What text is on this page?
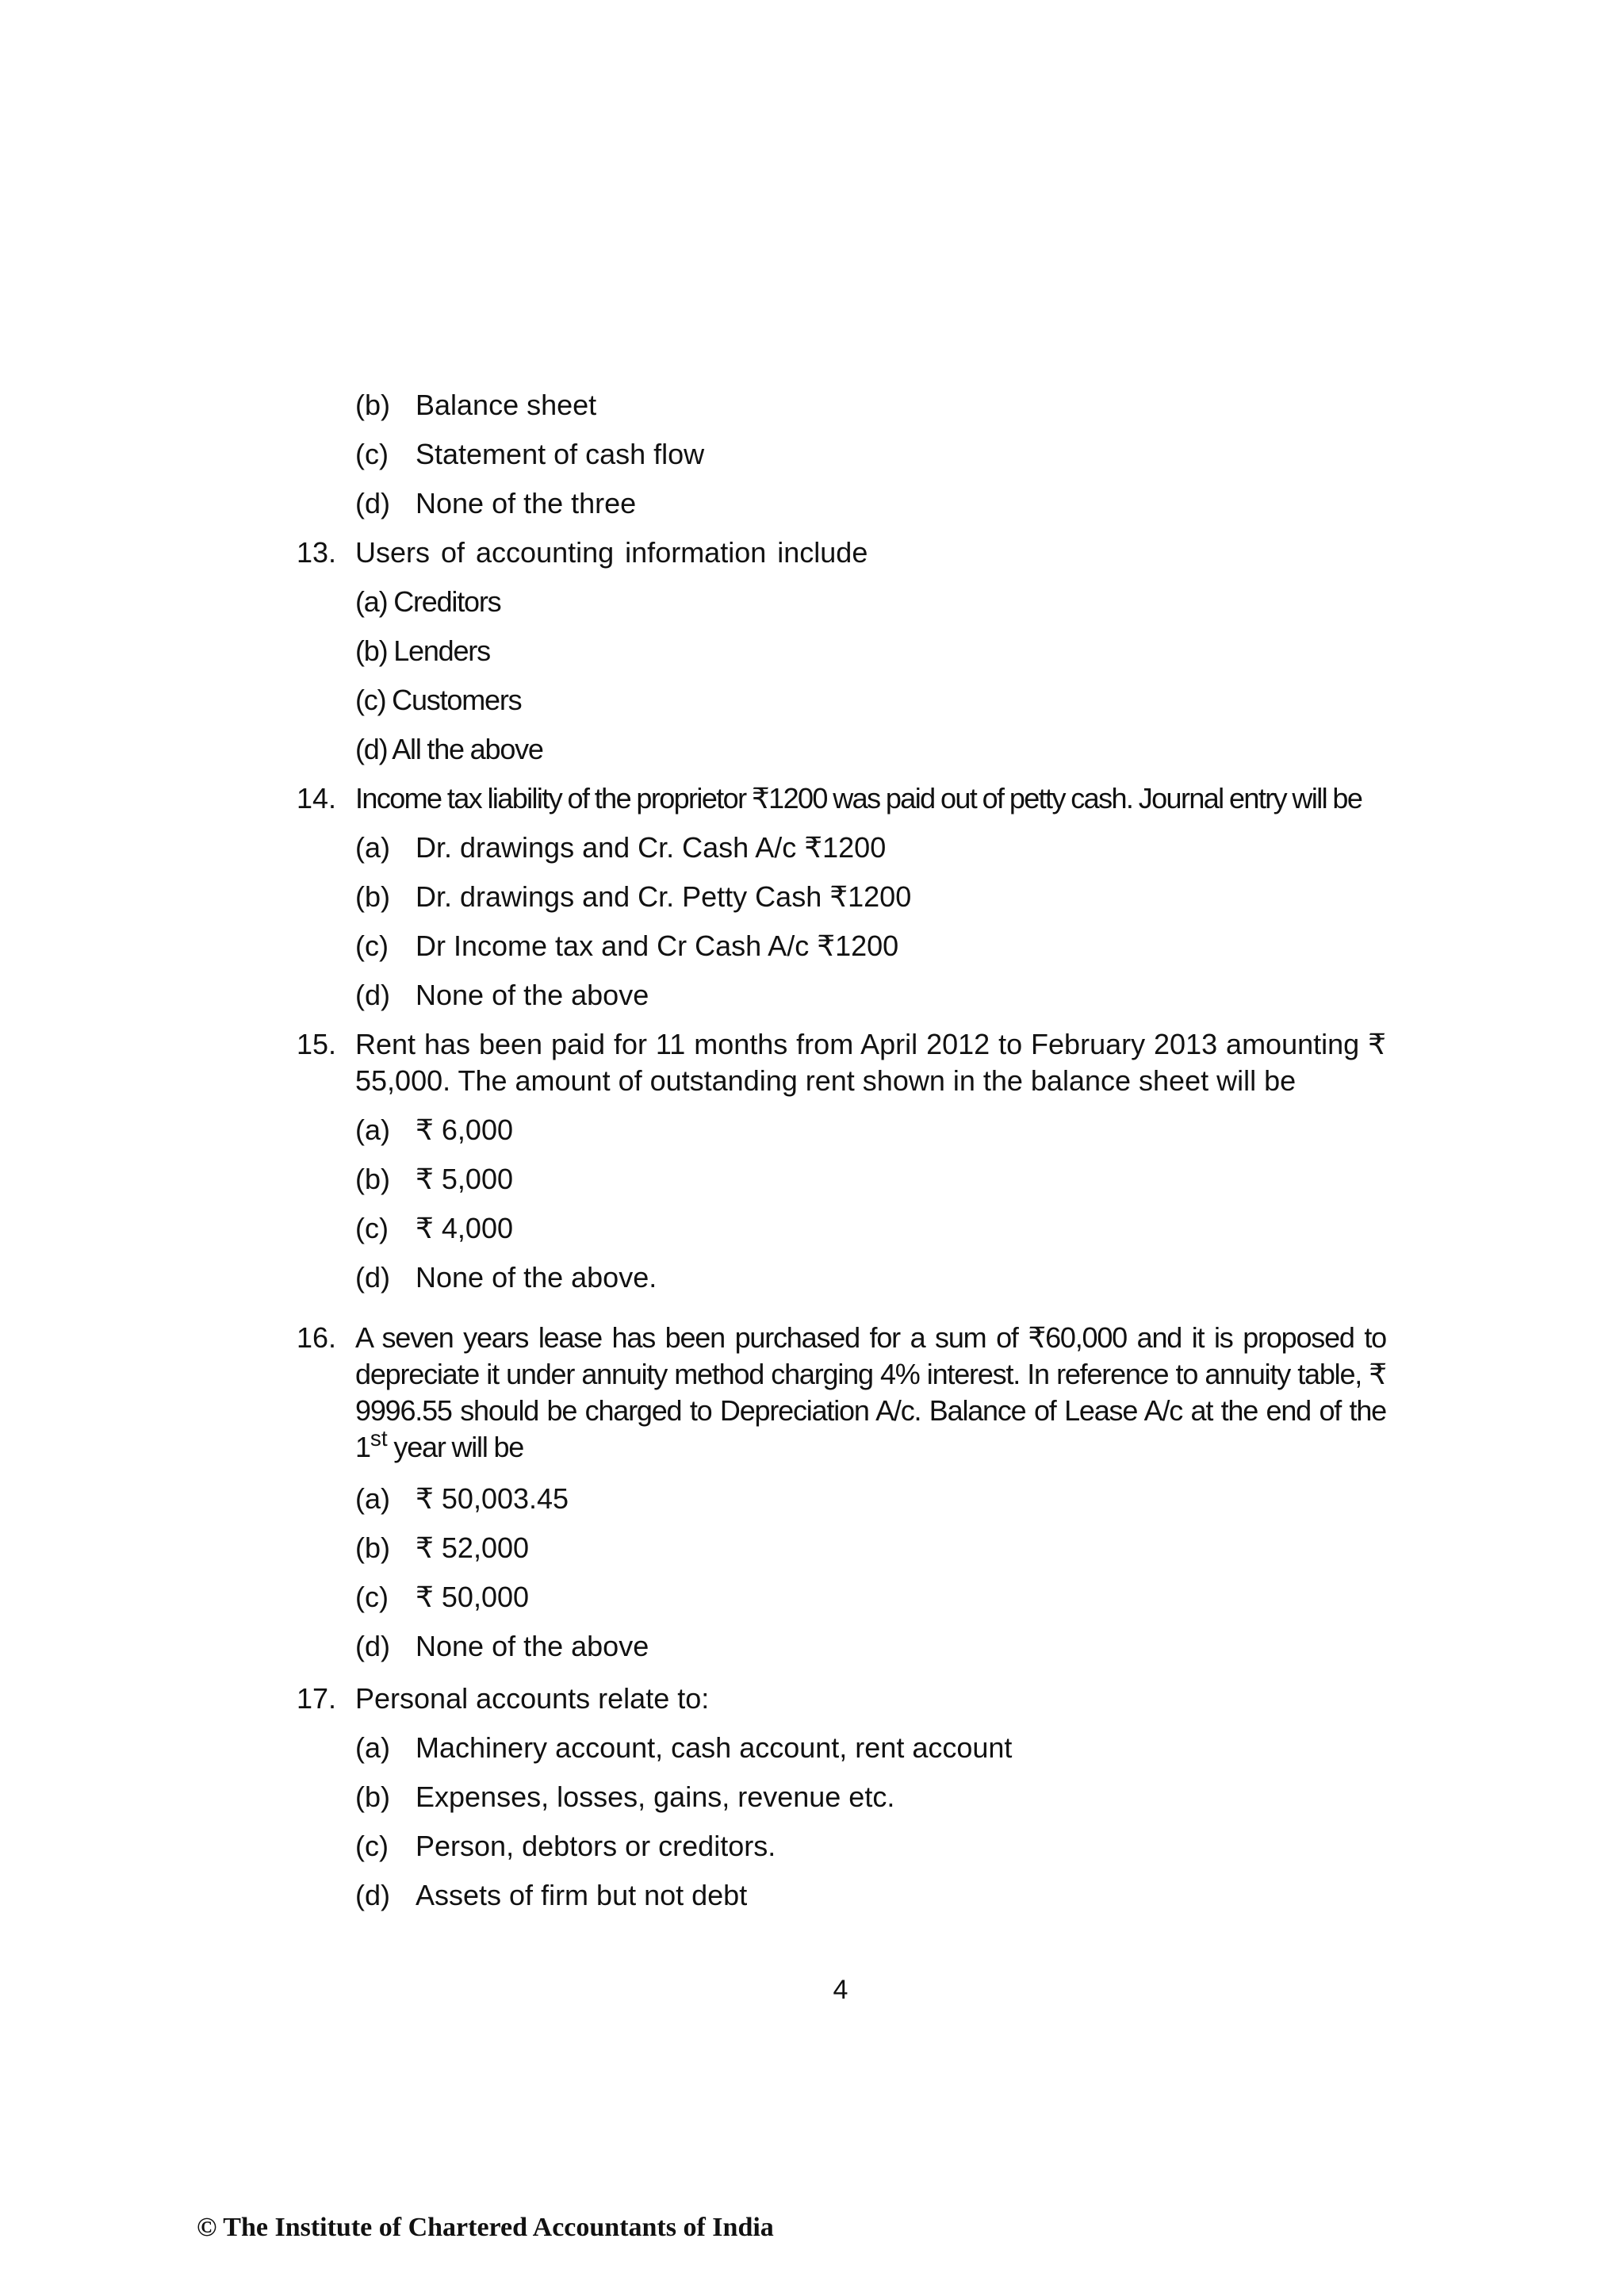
(b) Balance sheet
(c) Statement of cash flow
(d) None of the three
13. Users of accounting information include
(a) Creditors
(b) Lenders
(c) Customers
(d) All the above
14. Income tax liability of the proprietor ₹1200 was paid out of petty cash. Journal entry will be
(a) Dr. drawings and Cr. Cash A/c ₹1200
(b) Dr. drawings and Cr. Petty Cash ₹1200
(c) Dr Income tax and Cr Cash A/c ₹1200
(d) None of the above
15. Rent has been paid for 11 months from April 2012 to February 2013 amounting ₹ 55,000. The amount of outstanding rent shown in the balance sheet will be
(a) ₹ 6,000
(b) ₹ 5,000
(c) ₹ 4,000
(d) None of the above.
16. A seven years lease has been purchased for a sum of ₹60,000 and it is proposed to depreciate it under annuity method charging 4% interest. In reference to annuity table, ₹ 9996.55 should be charged to Depreciation A/c. Balance of Lease A/c at the end of the 1st year will be
(a) ₹ 50,003.45
(b) ₹ 52,000
(c) ₹ 50,000
(d) None of the above
17. Personal accounts relate to:
(a) Machinery account, cash account, rent account
(b) Expenses, losses, gains, revenue etc.
(c) Person, debtors or creditors.
(d) Assets of firm but not debt
4
© The Institute of Chartered Accountants of India
